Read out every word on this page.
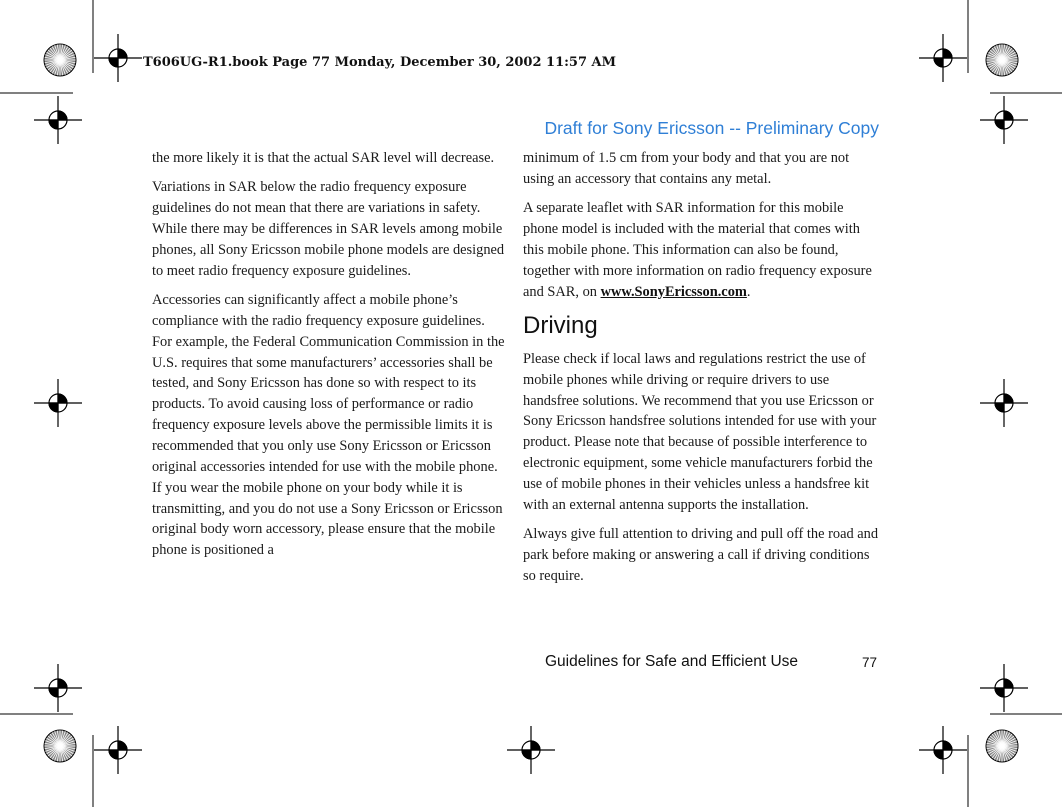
T606UG-R1.book Page 77 Monday, December 30, 2002 11:57 AM
Draft for Sony Ericsson -- Preliminary Copy

the more likely it is that the actual SAR level will decrease.

Variations in SAR below the radio frequency exposure guidelines do not mean that there are variations in safety. While there may be differences in SAR levels among mobile phones, all Sony Ericsson mobile phone models are designed to meet radio frequency exposure guidelines.

Accessories can significantly affect a mobile phone’s compliance with the radio frequency exposure guidelines. For example, the Federal Communication Commission in the U.S. requires that some manufacturers’ accessories shall be tested, and Sony Ericsson has done so with respect to its products. To avoid causing loss of performance or radio frequency exposure levels above the permissible limits it is recommended that you only use Sony Ericsson or Ericsson original accessories intended for use with the mobile phone. If you wear the mobile phone on your body while it is transmitting, and you do not use a Sony Ericsson or Ericsson original body worn accessory, please ensure that the mobile phone is positioned a

minimum of 1.5 cm from your body and that you are not using an accessory that contains any metal.

A separate leaflet with SAR information for this mobile phone model is included with the material that comes with this mobile phone. This information can also be found, together with more information on radio frequency exposure and SAR, on www.SonyEricsson.com.

Driving

Please check if local laws and regulations restrict the use of mobile phones while driving or require drivers to use handsfree solutions. We recommend that you use Ericsson or Sony Ericsson handsfree solutions intended for use with your product. Please note that because of possible interference to electronic equipment, some vehicle manufacturers forbid the use of mobile phones in their vehicles unless a handsfree kit with an external antenna supports the installation.

Always give full attention to driving and pull off the road and park before making or answering a call if driving conditions so require.

Guidelines for Safe and Efficient Use	77
